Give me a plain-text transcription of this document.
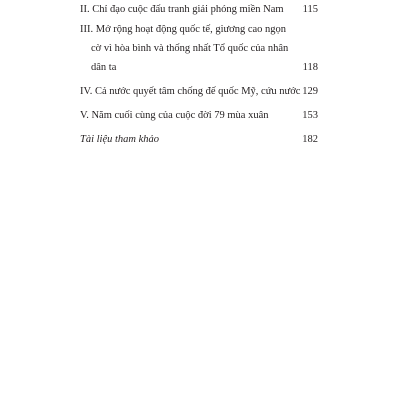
II. Chỉ đạo cuộc đấu tranh giải phóng miền Nam	115
III. Mở rộng hoạt động quốc tế, giương cao ngọn cờ vì hòa bình và thống nhất Tổ quốc của nhân dân ta	118
IV. Cả nước quyết tâm chống đế quốc Mỹ, cứu nước 129
V. Năm cuối cùng của cuộc đời 79 mùa xuân	153
Tài liệu tham khảo	182
